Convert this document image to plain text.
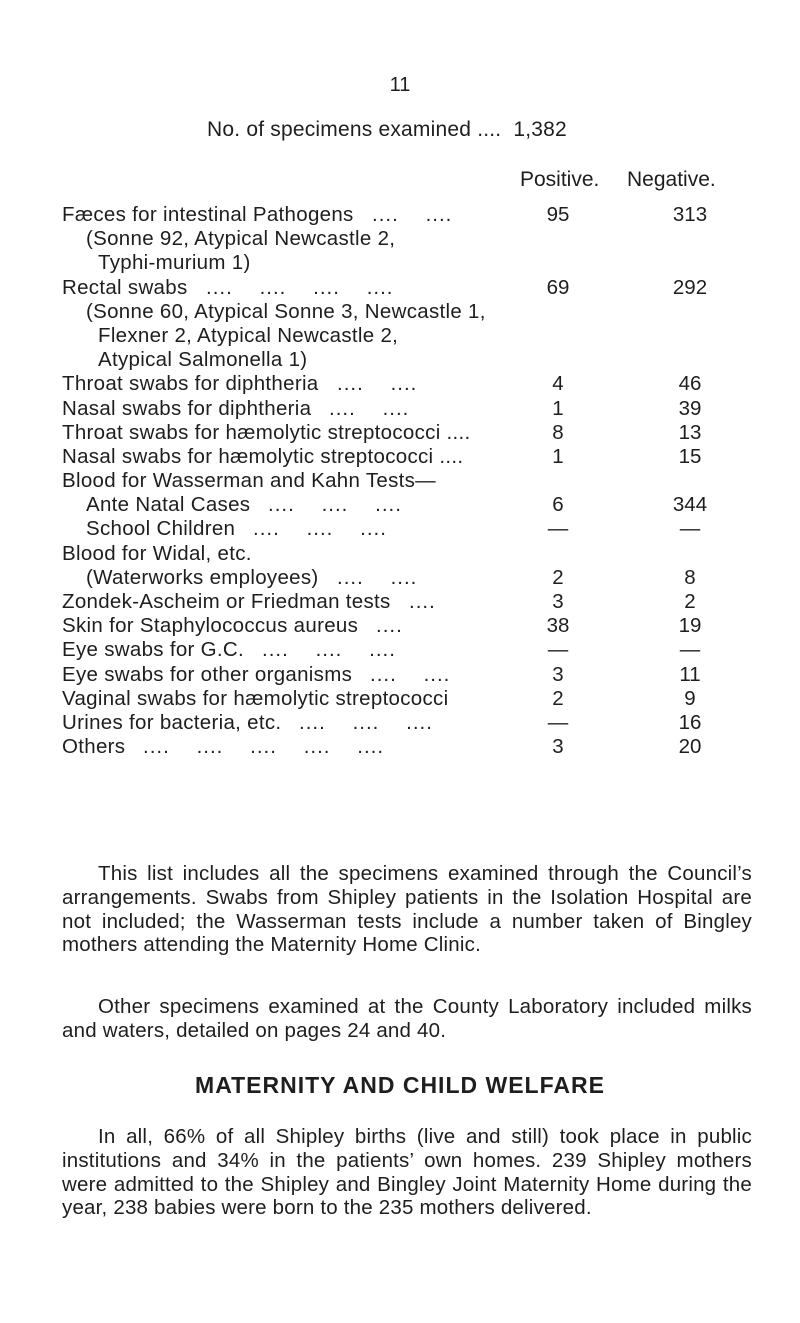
11
No. of specimens examined .... 1,382
Positive. Negative.
Fæces for intestinal Pathogens ....    ....	95	313
(Sonne 92, Atypical Newcastle 2,
Typhi-murium 1)
Rectal swabs ....    ....    ....    ....	69	292
(Sonne 60, Atypical Sonne 3, Newcastle 1,
Flexner 2, Atypical Newcastle 2,
Atypical Salmonella 1)
Throat swabs for diphtheria ....    ....	4	46
Nasal swabs for diphtheria ....    ....	1	39
Throat swabs for hæmolytic streptococci ....	8	13
Nasal swabs for hæmolytic streptococci ....	1	15
Blood for Wasserman and Kahn Tests—
Ante Natal Cases ....    ....    ....	6	344
School Children ....    ....    ....	—	—
Blood for Widal, etc.
(Waterworks employees) ....    ....	2	8
Zondek-Ascheim or Friedman tests ....	3	2
Skin for Staphylococcus aureus ....	38	19
Eye swabs for G.C. ....    ....    ....	—	—
Eye swabs for other organisms ....    ....	3	11
Vaginal swabs for hæmolytic streptococci	2	9
Urines for bacteria, etc. ....    ....    ....	—	16
Others ....    ....    ....    ....    ....	3	20
This list includes all the specimens examined through the Council’s arrangements. Swabs from Shipley patients in the Isolation Hospital are not included; the Wasserman tests include a number taken of Bingley mothers attending the Maternity Home Clinic.
Other specimens examined at the County Laboratory included milks and waters, detailed on pages 24 and 40.
MATERNITY AND CHILD WELFARE
In all, 66% of all Shipley births (live and still) took place in public institutions and 34% in the patients’ own homes. 239 Shipley mothers were admitted to the Shipley and Bingley Joint Maternity Home during the year, 238 babies were born to the 235 mothers delivered.
